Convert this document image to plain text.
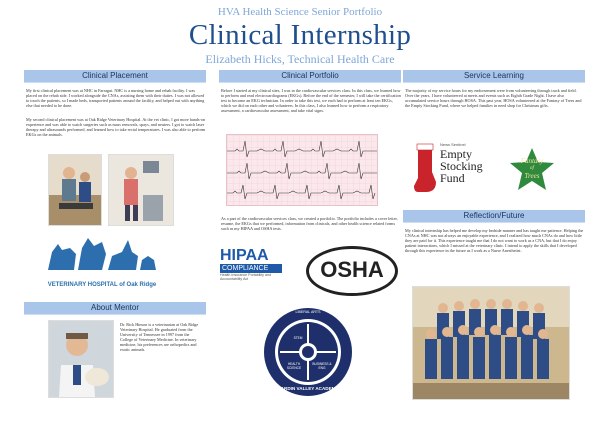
HVA Health Science Senior Portfolio
Clinical Internship
Elizabeth Hicks, Technical Health Care
Clinical Placement
My first clinical placement was at NHC in Farragut. NHC is a nursing home and rehab facility. I was placed on the rehab side. I worked alongside the CNAs, assisting them with their duties. I was not allowed to touch the patients, so I made beds, transported patients around the facility, and helped out with anything else that needed to be done.
My second clinical placement was at Oak Ridge Veterinary Hospital. At the vet clinic, I got more hands-on experience and was able to watch surgeries such as mass removals, spays, and neuters. I got to watch laser therapy and ultrasounds performed, and learned how to take rectal temperatures. I was also able to perform EKGs on the animals.
VETERINARY HOSPITAL of Oak Ridge
About Mentor
Dr. Rick Hinson is a veterinarian at Oak Ridge Veterinary Hospital. He graduated from the University of Tennessee in 1997 from the College of Veterinary Medicine. In veterinary medicine, his preferences are orthopedics and exotic animals.
Clinical Portfolio
Before I started at my clinical sites, I was in the cardiovascular services class. In this class, we learned how to perform and read electrocardiograms (EKGs). Before the end of the semester, I will take the certification test to become an EKG technician. In order to take this test, we each had to perform at least ten EKGs, which we did on each other and volunteers. In this class, I also learned how to perform a respiratory assessment, a cardiovascular assessment, and take vital signs.
As a part of the cardiovascular services class, we created a portfolio. The portfolio includes a cover letter, resume, the EKGs that we performed, information from clinicals, and other health science related forms such as my HIPAA and OSHA tests.
HIPAA
COMPLIANCE
Health Insurance Portability and Accountability Act	OSHA
LIBERAL ARTS
STEM
HEALTH SCIENCE
BUSINESS & ENG
HARDIN VALLEY ACADEMY
Service Learning
The majority of my service hours for my endorsement were from volunteering through track and field. Over the years, I have volunteered at meets and events such as Eighth Grade Night. I have also accumulated service hours through HOSA. This past year, HOSA volunteered at the Fantasy of Trees and the Empty Stocking Fund, where we helped families in need shop for Christmas gifts.
News Sentinel
Empty
Stocking
Fund
Fantasy
of
Trees
Reflection/Future
My clinical internship has helped me develop my bedside manner and has taught me patience. Helping the CNAs at NHC was not always an enjoyable experience, and I realized how much CNAs do and how little they are paid for it. This experience taught me that I do not want to work as a CNA, but that I do enjoy patient interactions, which I missed at the veterinary clinic. I intend to apply the skills that I developed through this experience in the future as I work as a Nurse Anesthetist.
